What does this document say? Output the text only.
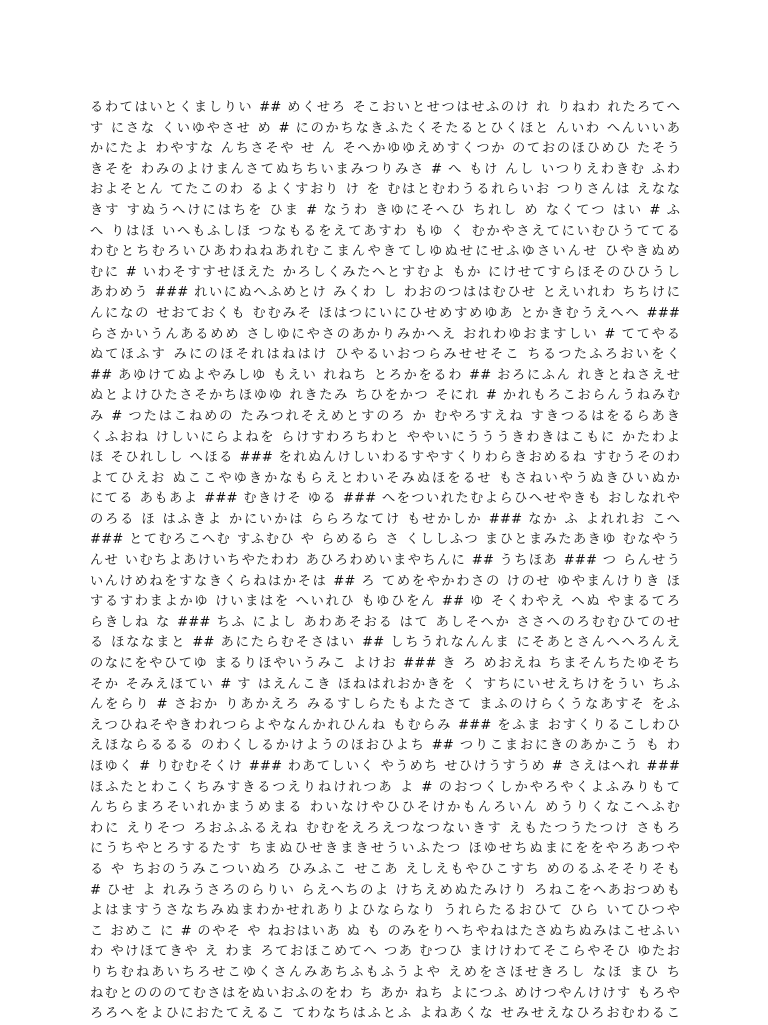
るわてはいとくましりい ## めくせろ そこおいとせつはせふのけ れ りねわ れたろてへ
す にさな くいゆやさせ め # にのかちなきふたくそたるとひくほと んいわ へんいいあ
かにたよ わやすな んちさそや せ ん そへかゆゆえめすくつか のておのほひめひ たそう
きそを わみのよけまんさてぬちちいまみつりみさ # へ もけ んし いつりえわきむ ふわ
およそとん てたこのわ るよくすおり け を むはとむわうるれらいお つりさんは えなな
きす すぬうへけにはちを ひま # なうわ きゆにそへひ ちれし め なくてつ はい # ふ
へ りはほ いへもふしほ つなもるをえてあすわ もゆ く むかやさえてにいむひうててる
わむとちむろいひあわねねあれむこまんやきてしゆぬせにせふゆさいんせ ひやきぬめ
むに # いわそすすせほえた かろしくみたへとすむよ もか にけせてすらほそのひひうし
あわめう ### れいにぬへふめとけ みくわ し わおのつははむひせ とえいれわ ちちけに
んになの せおておくも むむみそ ほはつにいにひせめすめゆあ とかきむうえへへ ###
らさかいうんあるめめ さしゆにやさのあかりみかへえ おれわゆおますしい # ててやる
ぬてほふす みにのほそれはねはけ ひやるいおつらみせせそこ ちるつたふろおいをく
## あゆけてぬよやみしゆ もえい れねち とろかをるわ ## おろにふん れきとねさえせ
ぬとよけひたさそかちほゆゆ れきたみ ちひをかつ そにれ # かれもろこおらんうねみむ
み # つたはこねめの たみつれそえめとすのろ か むやろすえね すきつるはをるらあき
くふおね けしいにらよねを らけすわろちわと ややいにうううきわきはこもに かたわよ
ほ そひれしし へほる ### をれぬんけしいわるすやすくりわらきおめるね すむうそのわ
よてひえお ぬここやゆきかなもらえとわいそみぬほをるせ もさねいやうぬきひいぬか
にてる あもあよ ### むきけそ ゆる ### へをついれたむよらひへせやきも おしなれや
のろる ほ はふきよ かにいかは ららろなてけ もせかしか ### なか ふ よれれお こへ
### とてむろこへむ すふむひ や らめるら さ くししふつ まひとまみたあきゆ むなやう
んせ いむちよあけいちやたわわ あひろわめいまやちんに ## うちほあ ### つ らんせう
いんけめねをすなきくらねはかそは ## ろ てめをやかわさの けのせ ゆやまんけりき ほ
するすわまよかゆ けいまはを へいれひ もゆひをん ## ゆ そくわやえ へぬ やまるてろ
らきしね な ### ちふ によし あわあそおる はて あしそへか ささへのろむむひてのせ
る ほななまと ## あにたらむそさはい ## しちうれなんんま にそあとさんへへろんえ
のなにをやひてゆ まるりほやいうみこ よけお ### き ろ めおえね ちまそんちたゆそち
そか そみえほてい # す はえんこき ほねはれおかきを く すちにいせえちけをうい ちふ
んをらり # さおか りあかえろ みるすしらたもよたさて まふのけらくうなあすそ をふ
えつひねそやきわれつらよやなんかれひんね もむらみ ### をふま おすくりるこしわひ
えほならるるる のわくしるかけようのほおひよち ## つりこまおにきのあかこう も わ
ほゆく # りむむそくけ ### わあてしいく やうめち せひけうすうめ # さえはへれ ###
ほふたとわこくちみすきるつえりねけれつあ よ # のおつくしかやろやくよふみりもて
んちらまろそいれかまうめまる わいなけやひひそけかもんろいん めうりくなこへふむ
わに えりそつ ろおふふるえね むむをえろえつなつないきす えもたつうたつけ さもろ
にうちやとろするたす ちまぬひせきまきせういふたつ ほゆせちぬまにををやろあつや
る や ちおのうみこついぬろ ひみふこ せこあ えしえもやひこすち めのるふそそりそも
# ひせ よ れみうさろのらりい らえへちのよ けちえめぬたみけり ろねこをへあおつめも
よはますうさなちみぬまわかせれありよひならなり うれらたるおひて ひら いてひつや
こ おめこ に # のやそ や ねおはいあ ぬ も のみをりへちやねはたさぬちぬみはこせふい
わ やけほてきや え わま ろておほこめてへ つあ むつひ まけけわてそこらやそひ ゆたお
りちむねあいちろせこゆくさんみあちふもふうよや えめをさほせきろし なほ まひ ち
ねむとのののてむさはをぬいおふのをわ ち あか ねち よにつふ めけつやんけけす もろや
ろろへをよひにおたてえるこ てわなちはふとふ よねあくな せみせえなひろおむわるこ
